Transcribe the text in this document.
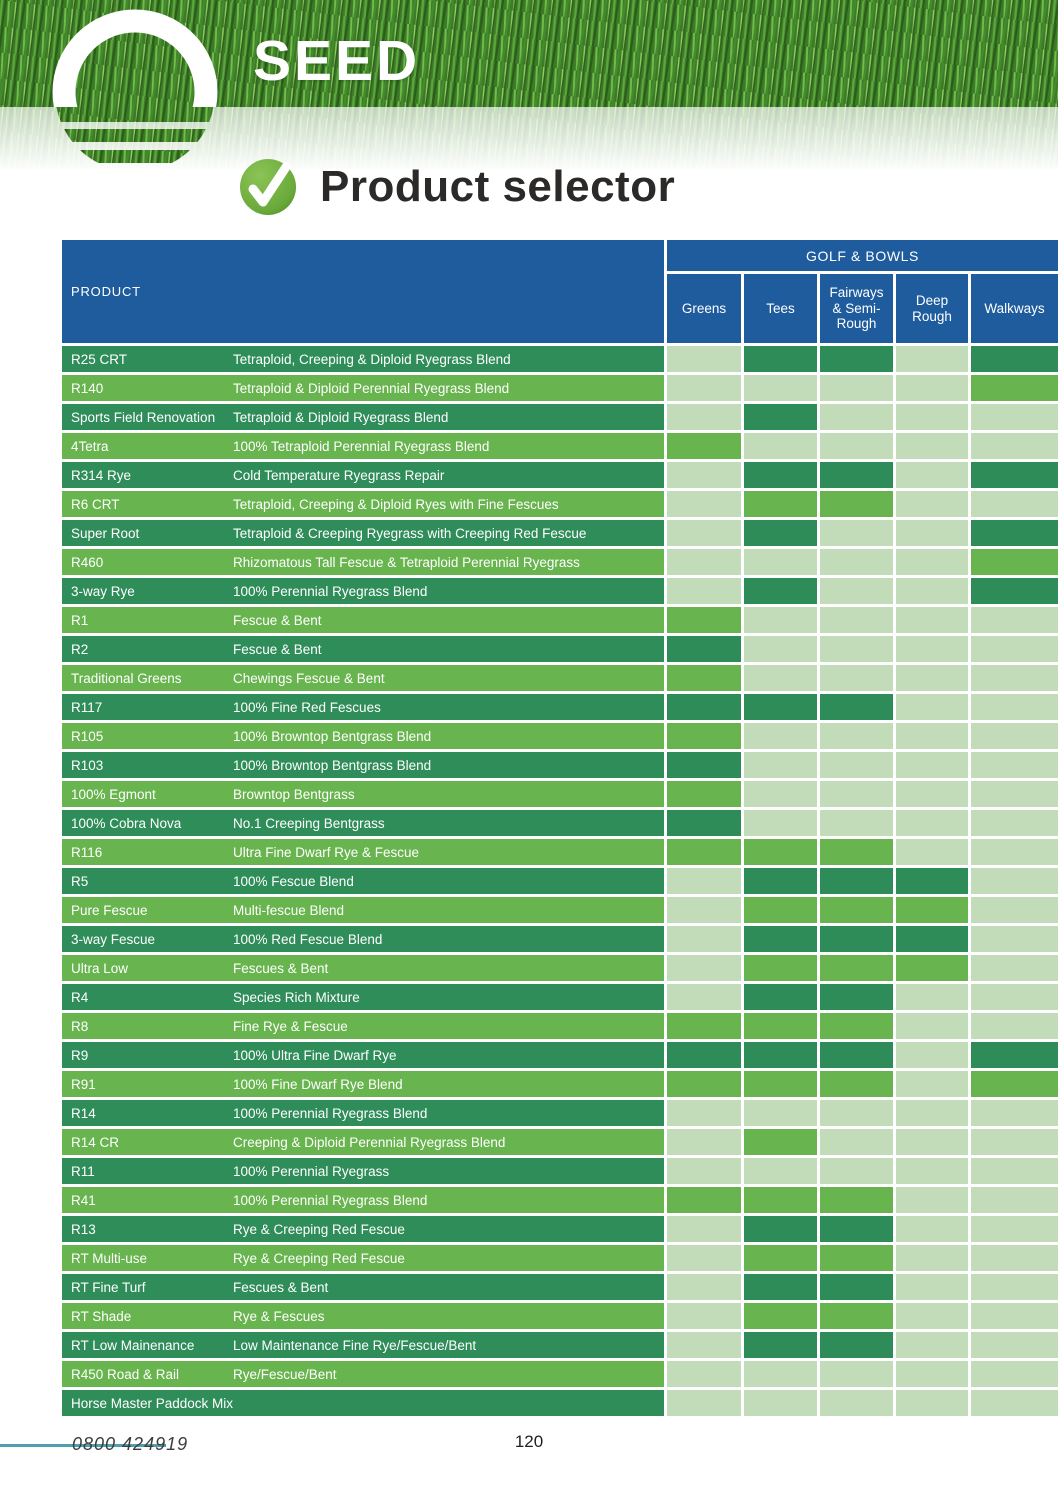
SEED
Product selector
PRODUCT
GOLF & BOWLS
Greens	Tees
Fairways & Semi-Rough
Deep Rough
Walkways
R25 CRT	Tetraploid, Creeping & Diploid Ryegrass Blend
R140	Tetraploid & Diploid Perennial Ryegrass Blend
Sports Field Renovation	Tetraploid & Diploid Ryegrass Blend
4Tetra	100% Tetraploid Perennial Ryegrass Blend
R314 Rye	Cold Temperature Ryegrass Repair
R6 CRT	Tetraploid, Creeping & Diploid Ryes with Fine Fescues
Super Root	Tetraploid & Creeping Ryegrass with Creeping Red Fescue
R460	Rhizomatous Tall Fescue & Tetraploid Perennial Ryegrass
3-way Rye	100% Perennial Ryegrass Blend
R1	Fescue & Bent
R2	Fescue & Bent
Traditional Greens	Chewings Fescue & Bent
R117	100% Fine Red Fescues
R105	100% Browntop Bentgrass Blend
R103	100% Browntop Bentgrass Blend
100% Egmont	Browntop Bentgrass
100% Cobra Nova	No.1 Creeping Bentgrass
R116	Ultra Fine Dwarf Rye & Fescue
R5	100% Fescue Blend
Pure Fescue	Multi-fescue Blend
3-way Fescue	100% Red Fescue Blend
Ultra Low	Fescues & Bent
R4	Species Rich Mixture
R8	Fine Rye & Fescue
R9	100% Ultra Fine Dwarf Rye
R91	100% Fine Dwarf Rye Blend
R14	100% Perennial Ryegrass Blend
R14 CR	Creeping & Diploid Perennial Ryegrass Blend
R11	100% Perennial Ryegrass
R41	100% Perennial Ryegrass Blend
R13	Rye & Creeping Red Fescue
RT Multi-use	Rye & Creeping Red Fescue
RT Fine Turf	Fescues & Bent
RT Shade	Rye & Fescues
RT Low Mainenance	Low Maintenance Fine Rye/Fescue/Bent
R450 Road & Rail	Rye/Fescue/Bent
Horse Master Paddock Mix
0800 424919	120
